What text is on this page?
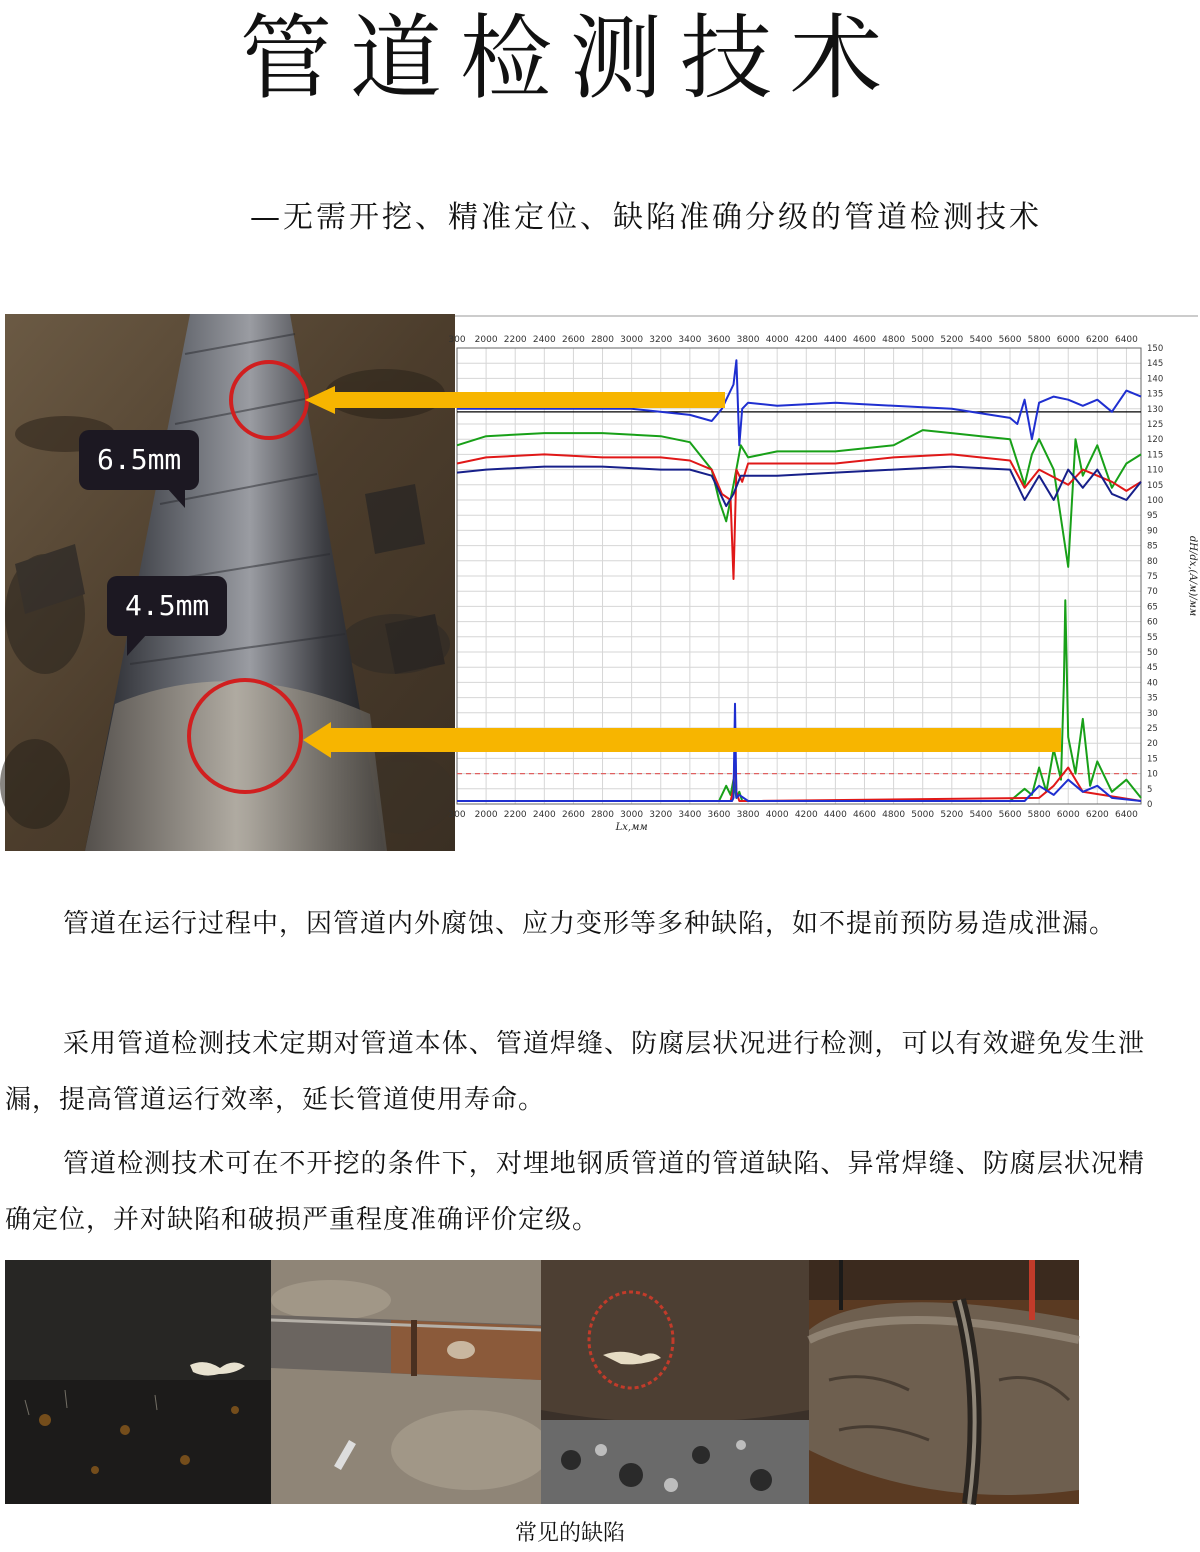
管道检测技术
—无需开挖、精准定位、缺陷准确分级的管道检测技术
6.5mm
4.5mm
300
300
2000
2000
2200
2200
2400
2400
2600
2600
2800
2800
3000
3000
3200
3200
3400
3400
3600
3600
3800
3800
4000
4000
4200
4200
4400
4400
4600
4600
4800
4800
5000
5000
5200
5200
5400
5400
5600
5600
5800
5800
6000
6000
6200
6200
6400
6400
0
5
10
15
20
25
30
35
40
45
50
55
60
65
70
75
80
85
90
95
100
105
110
115
120
125
130
135
140
145
150
Lx,мм
dH/dx,(A/м)/мм

管道在运行过程中，因管道内外腐蚀、应力变形等多种缺陷，如不提前预防易造成泄漏。

采用管道检测技术定期对管道本体、管道焊缝、防腐层状况进行检测，可以有效避免发生泄漏，提高管道运行效率，延长管道使用寿命。

管道检测技术可在不开挖的条件下，对埋地钢质管道的管道缺陷、异常焊缝、防腐层状况精确定位，并对缺陷和破损严重程度准确评价定级。

常见的缺陷
